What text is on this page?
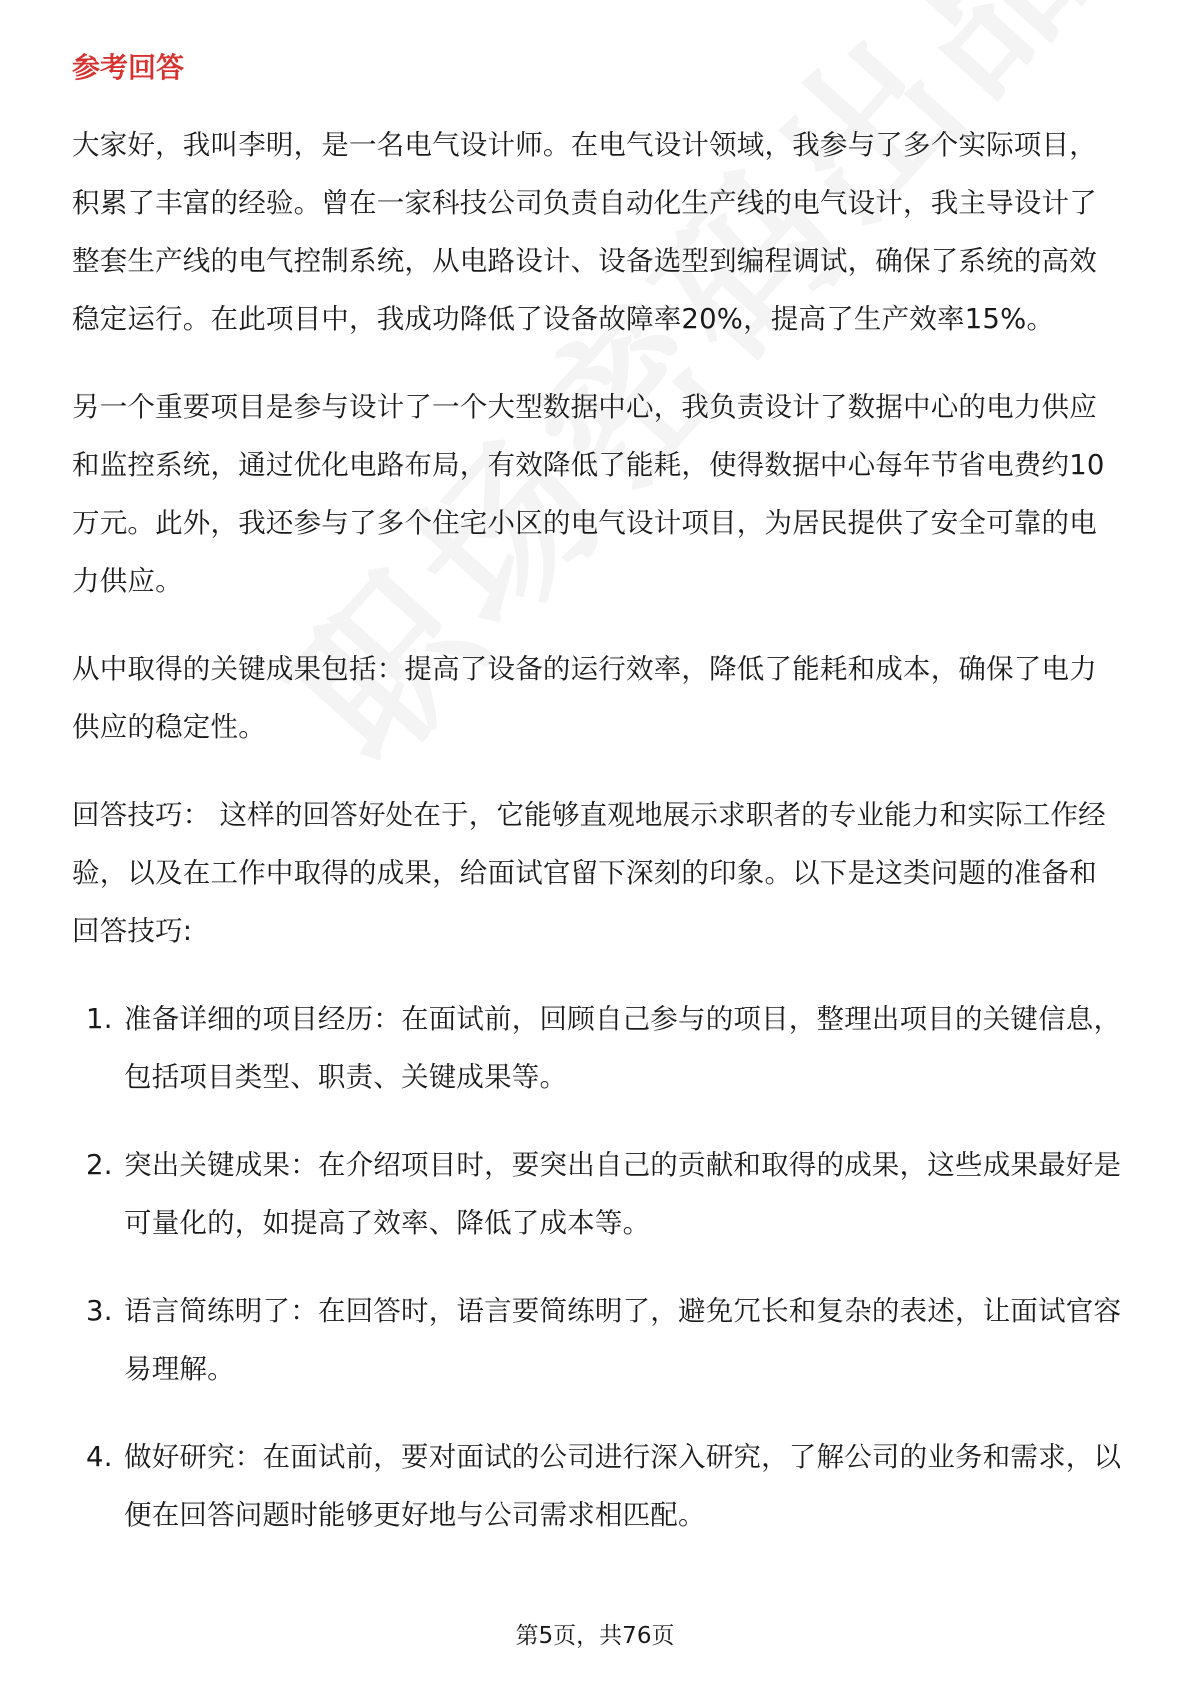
参考回答

大家好，我叫李明，是一名电气设计师。在电气设计领域，我参与了多个实际项目，积累了丰富的经验。曾在一家科技公司负责自动化生产线的电气设计，我主导设计了整套生产线的电气控制系统，从电路设计、设备选型到编程调试，确保了系统的高效稳定运行。在此项目中，我成功降低了设备故障率20%，提高了生产效率15%。

另一个重要项目是参与设计了一个大型数据中心，我负责设计了数据中心的电力供应和监控系统，通过优化电路布局，有效降低了能耗，使得数据中心每年节省电费约10万元。此外，我还参与了多个住宅小区的电气设计项目，为居民提供了安全可靠的电力供应。

从中取得的关键成果包括：提高了设备的运行效率，降低了能耗和成本，确保了电力供应的稳定性。

回答技巧： 这样的回答好处在于，它能够直观地展示求职者的专业能力和实际工作经验，以及在工作中取得的成果，给面试官留下深刻的印象。以下是这类问题的准备和回答技巧:

1. 准备详细的项目经历：在面试前，回顾自己参与的项目，整理出项目的关键信息，包括项目类型、职责、关键成果等。
2. 突出关键成果：在介绍项目时，要突出自己的贡献和取得的成果，这些成果最好是可量化的，如提高了效率、降低了成本等。
3. 语言简练明了：在回答时，语言要简练明了，避免冗长和复杂的表述，让面试官容易理解。
4. 做好研究：在面试前，要对面试的公司进行深入研究，了解公司的业务和需求，以便在回答问题时能够更好地与公司需求相匹配。
第5页，共76页
